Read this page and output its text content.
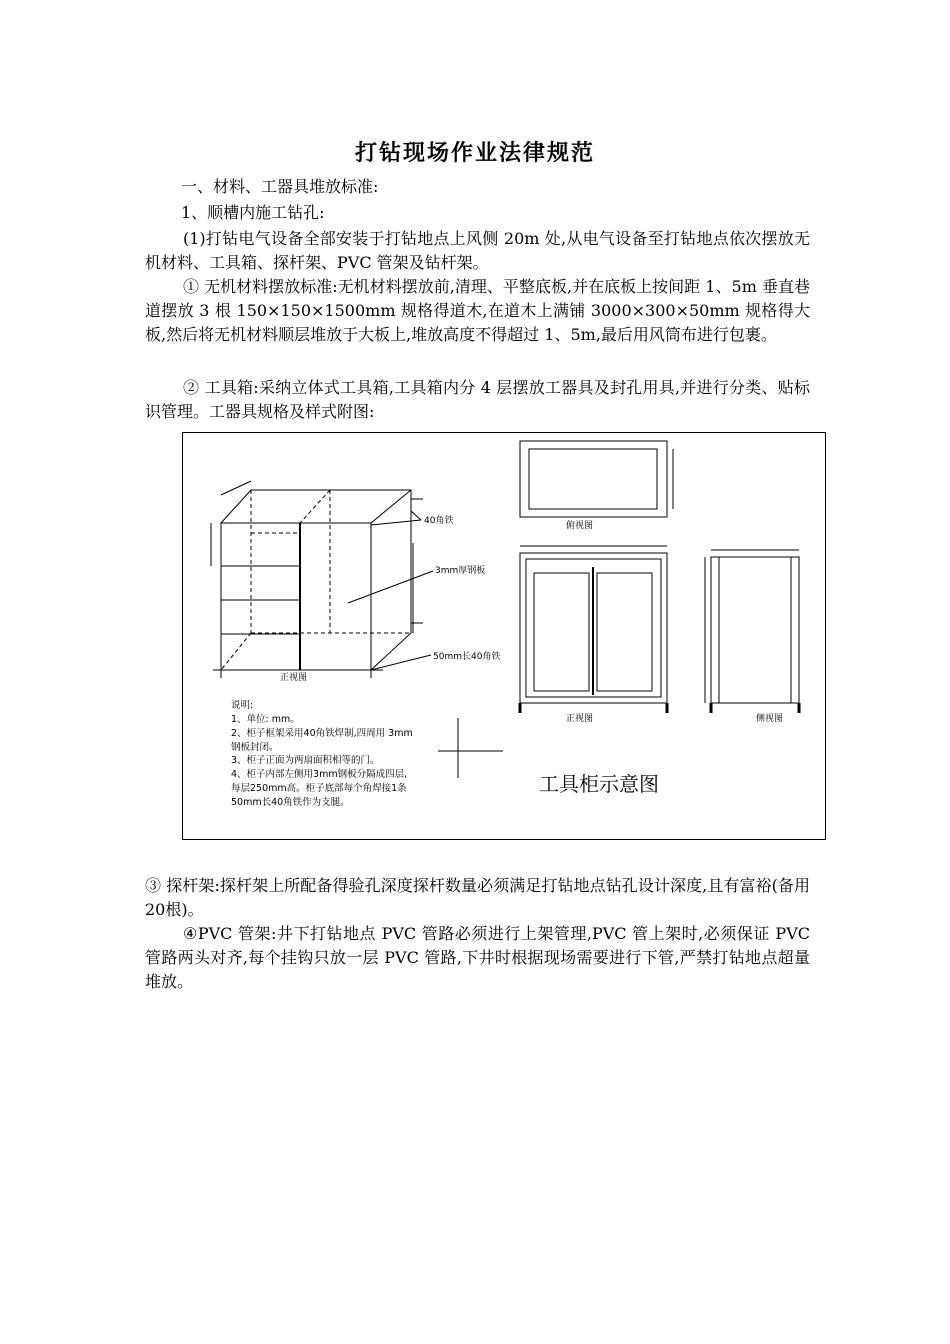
打钻现场作业法律规范
一、材料、工器具堆放标准:
1、顺槽内施工钻孔:
(1)打钻电气设备全部安装于打钻地点上风侧 20m 处,从电气设备至打钻地点依次摆放无机材料、工具箱、探杆架、PVC 管架及钻杆架。
① 无机材料摆放标准:无机材料摆放前,清理、平整底板,并在底板上按间距 1、5m 垂直巷道摆放 3 根 150×150×1500mm 规格得道木,在道木上满铺 3000×300×50mm 规格得大板,然后将无机材料顺层堆放于大板上,堆放高度不得超过 1、5m,最后用风筒布进行包裹。
② 工具箱:采纳立体式工具箱,工具箱内分 4 层摆放工器具及封孔用具,并进行分类、贴标识管理。工器具规格及样式附图:
40角铁
3mm厚钢板
50mm长40角铁
正视图
俯视图
正视图	侧视图
说明:
1、单位: mm。
2、柜子框架采用40角铁焊制,四周用 3mm
钢板封闭。
3、柜子正面为两扇面积相等的门。
4、柜子内部左侧用3mm钢板分隔成四层,
每层250mm高。柜子底部每个角焊接1条
50mm长40角铁作为支腿。
工具柜示意图
③ 探杆架:探杆架上所配备得验孔深度探杆数量必须满足打钻地点钻孔设计深度,且有富裕(备用 20根)。
④PVC 管架:井下打钻地点 PVC 管路必须进行上架管理,PVC 管上架时,必须保证 PVC 管路两头对齐,每个挂钩只放一层 PVC 管路,下井时根据现场需要进行下管,严禁打钻地点超量堆放。
